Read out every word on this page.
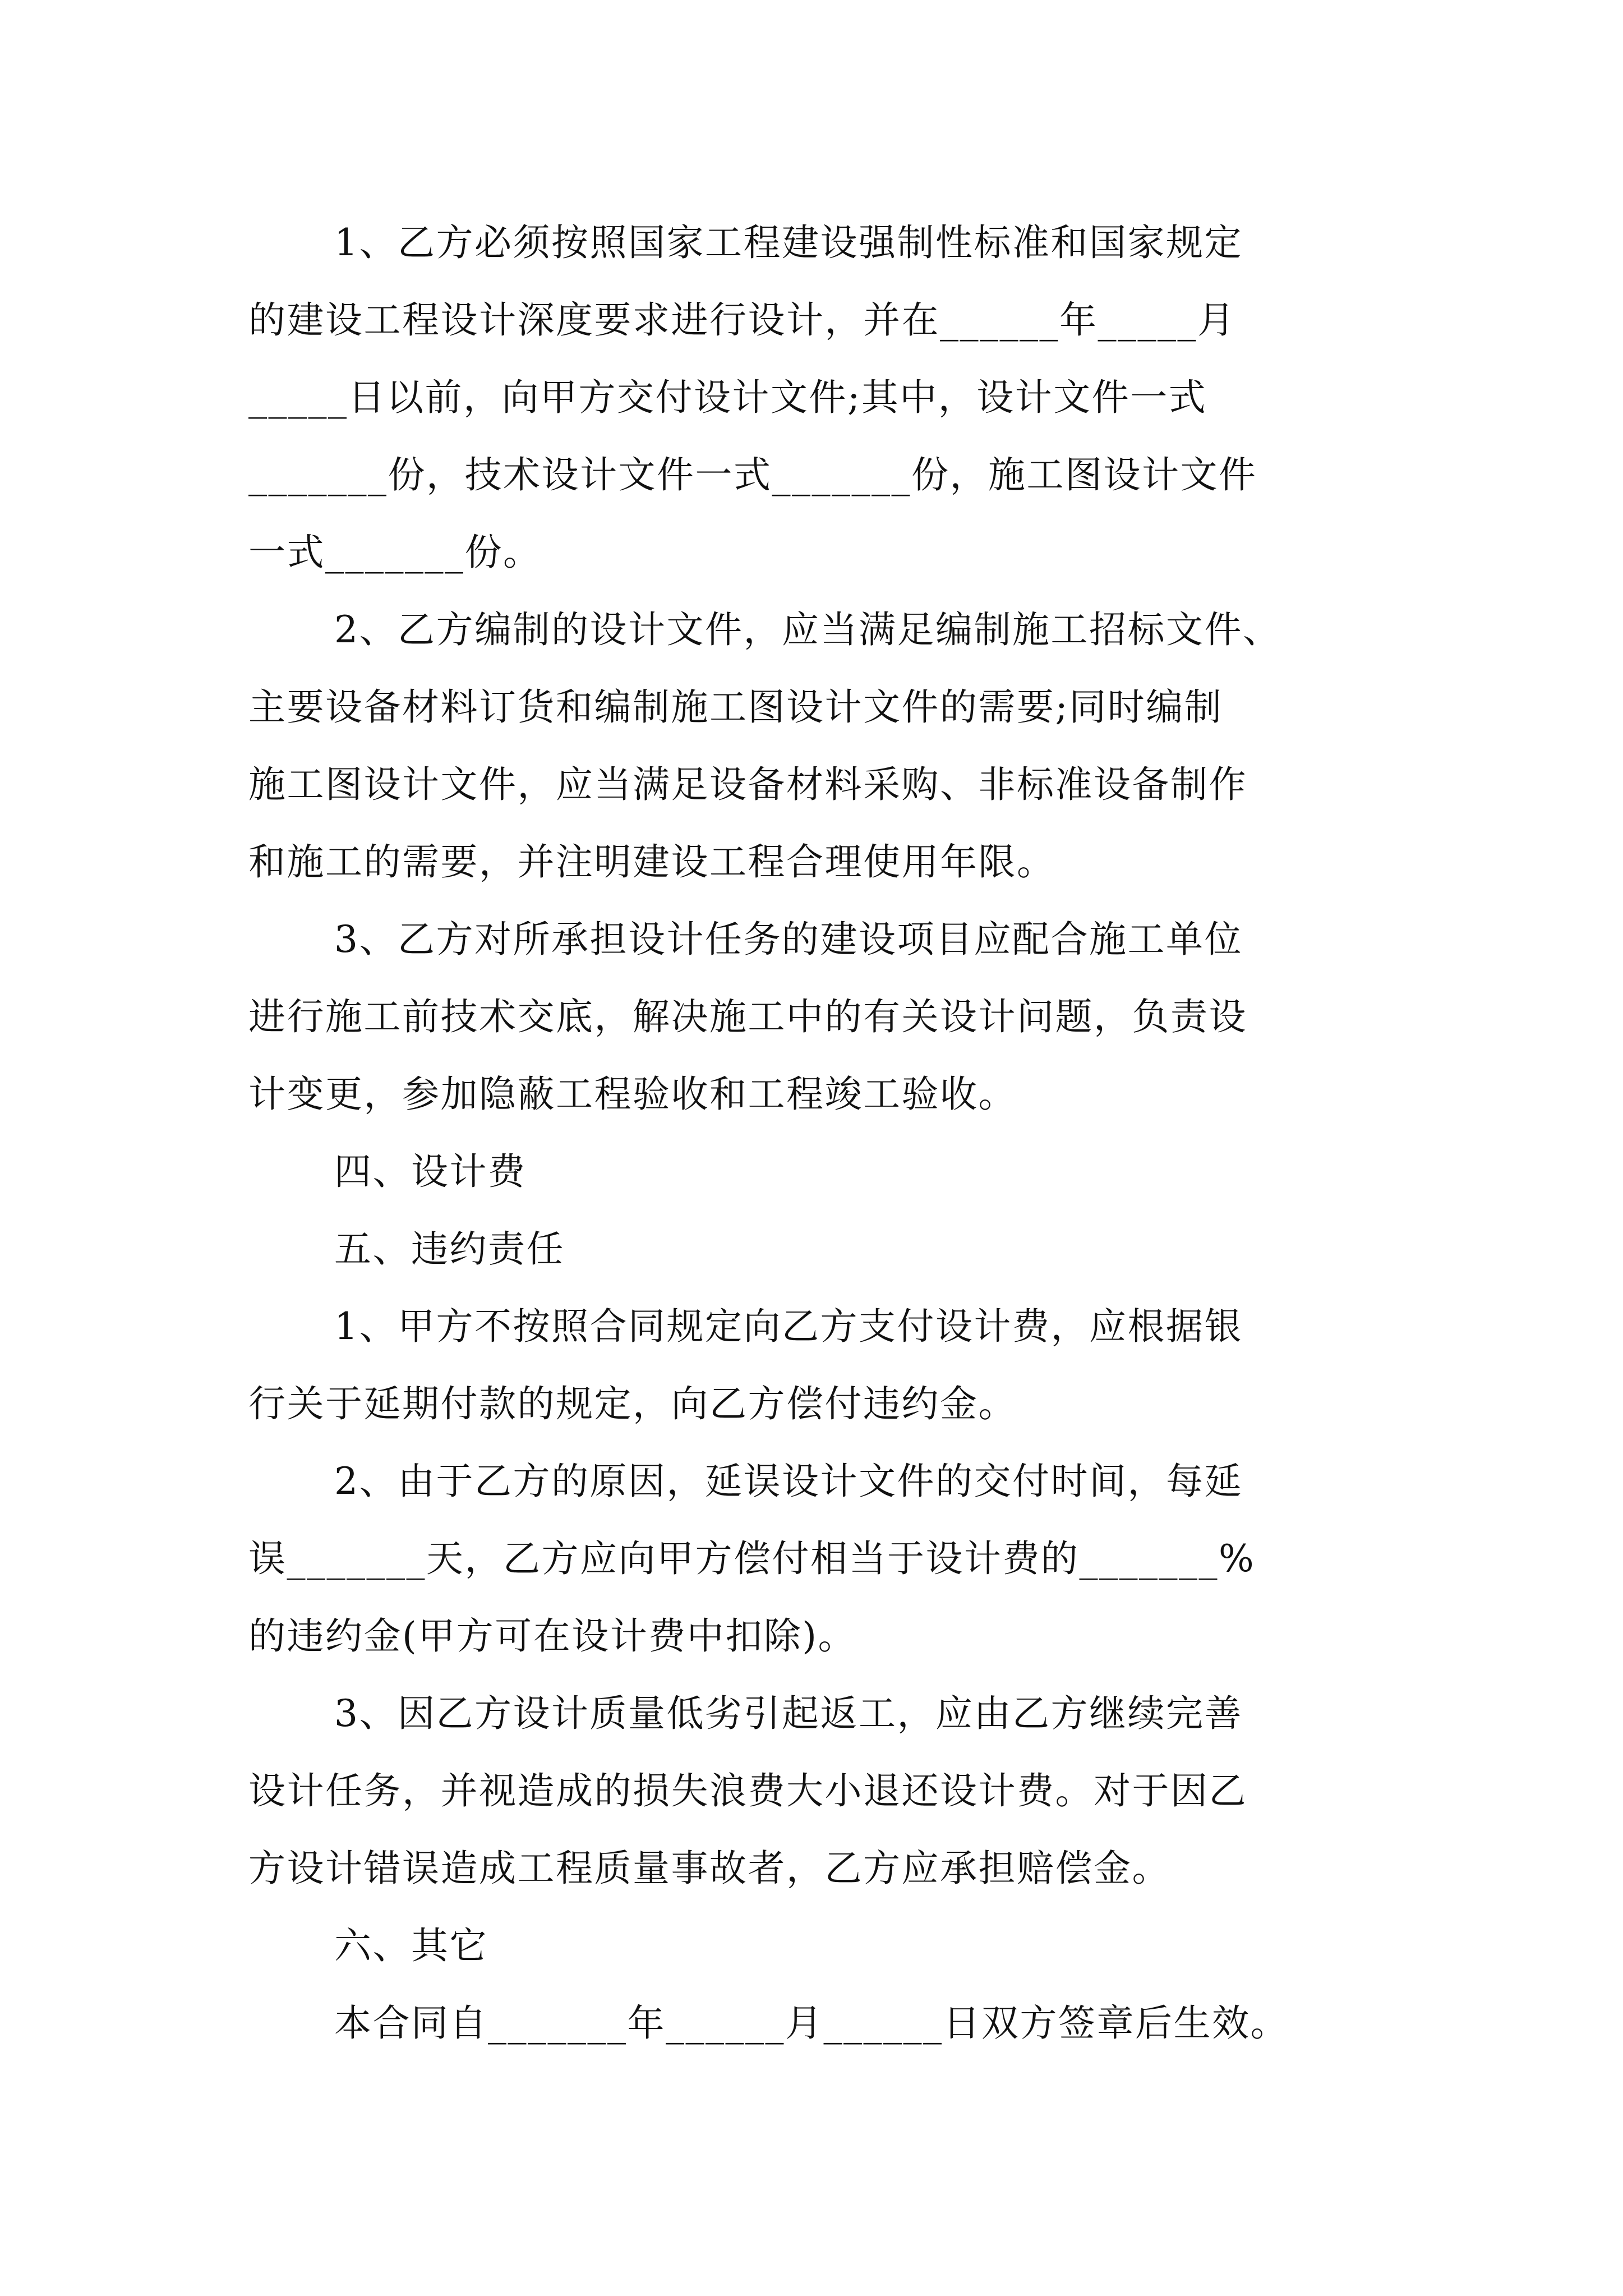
1、乙方必须按照国家工程建设强制性标准和国家规定
的建设工程设计深度要求进行设计，并在______年_____月
_____日以前，向甲方交付设计文件;其中，设计文件一式
_______份，技术设计文件一式_______份，施工图设计文件
一式_______份。
2、乙方编制的设计文件，应当满足编制施工招标文件、
主要设备材料订货和编制施工图设计文件的需要;同时编制
施工图设计文件，应当满足设备材料采购、非标准设备制作
和施工的需要，并注明建设工程合理使用年限。
3、乙方对所承担设计任务的建设项目应配合施工单位
进行施工前技术交底，解决施工中的有关设计问题，负责设
计变更，参加隐蔽工程验收和工程竣工验收。
四、设计费
五、违约责任
1、甲方不按照合同规定向乙方支付设计费，应根据银
行关于延期付款的规定，向乙方偿付违约金。
2、由于乙方的原因，延误设计文件的交付时间，每延
误_______天，乙方应向甲方偿付相当于设计费的_______%
的违约金(甲方可在设计费中扣除)。
3、因乙方设计质量低劣引起返工，应由乙方继续完善
设计任务，并视造成的损失浪费大小退还设计费。对于因乙
方设计错误造成工程质量事故者，乙方应承担赔偿金。
六、其它
本合同自_______年______月______日双方签章后生效。
